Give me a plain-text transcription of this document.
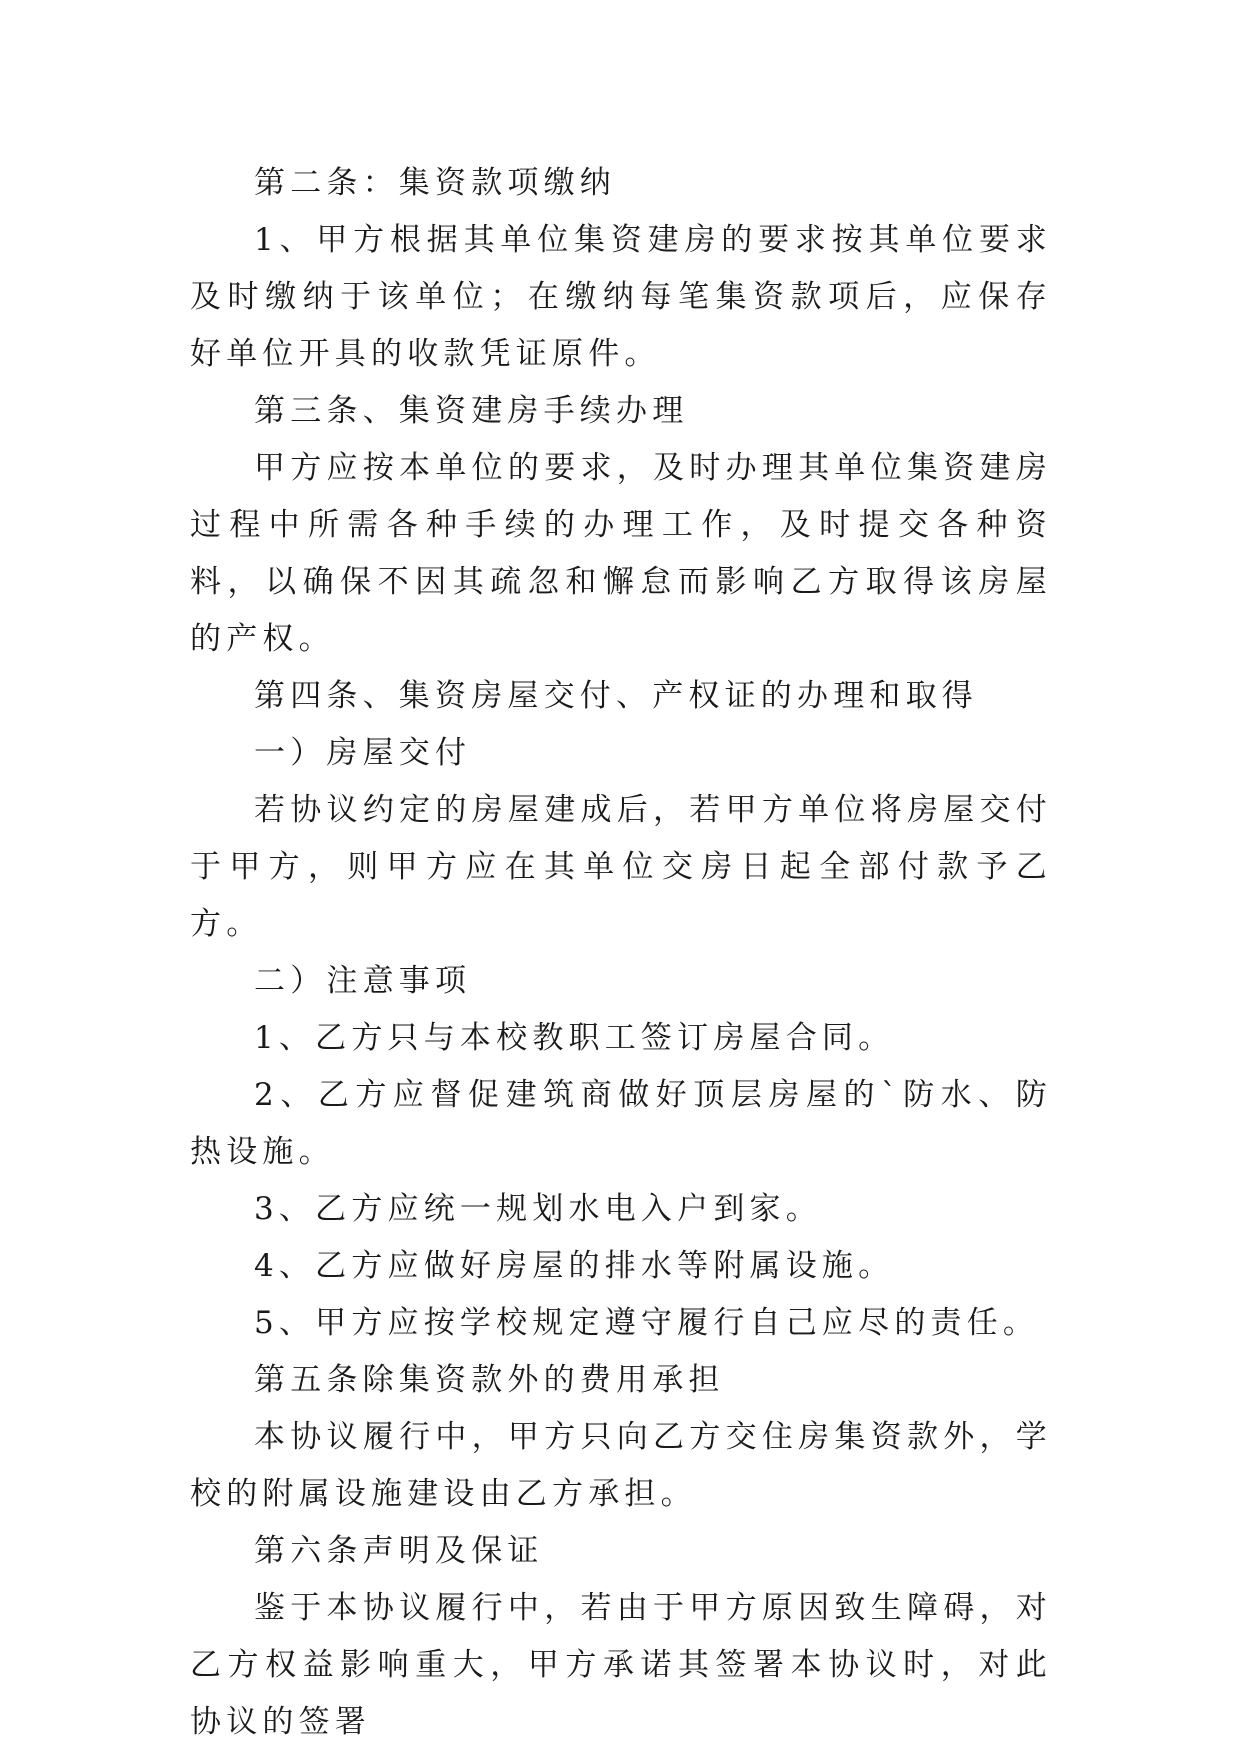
第二条：集资款项缴纳

1、甲方根据其单位集资建房的要求按其单位要求及时缴纳于该单位；在缴纳每笔集资款项后，应保存好单位开具的收款凭证原件。

第三条、集资建房手续办理

甲方应按本单位的要求，及时办理其单位集资建房过程中所需各种手续的办理工作，及时提交各种资料，以确保不因其疏忽和懈怠而影响乙方取得该房屋的产权。

第四条、集资房屋交付、产权证的办理和取得

一）房屋交付

若协议约定的房屋建成后，若甲方单位将房屋交付于甲方，则甲方应在其单位交房日起全部付款予乙方。

二）注意事项

1、乙方只与本校教职工签订房屋合同。

2、乙方应督促建筑商做好顶层房屋的`防水、防热设施。

3、乙方应统一规划水电入户到家。

4、乙方应做好房屋的排水等附属设施。

5、甲方应按学校规定遵守履行自己应尽的责任。

第五条除集资款外的费用承担

本协议履行中，甲方只向乙方交住房集资款外，学校的附属设施建设由乙方承担。

第六条声明及保证

鉴于本协议履行中，若由于甲方原因致生障碍，对乙方权益影响重大，甲方承诺其签署本协议时，对此协议的签署
